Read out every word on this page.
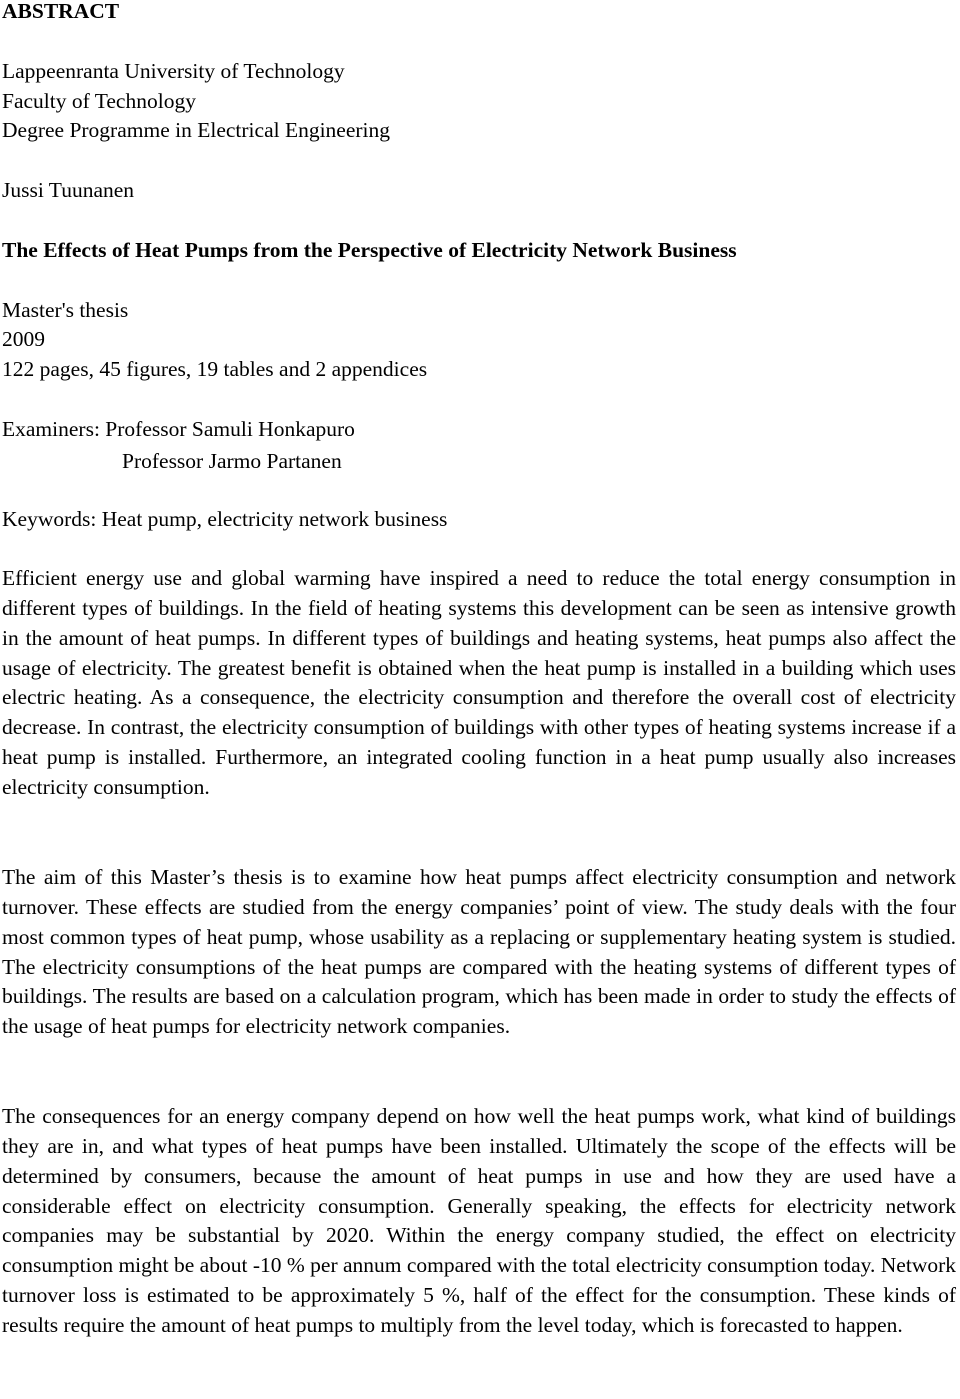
ABSTRACT
Lappeenranta University of Technology
Faculty of Technology
Degree Programme in Electrical Engineering
Jussi Tuunanen
The Effects of Heat Pumps from the Perspective of Electricity Network Business
Master's thesis
2009
122 pages, 45 figures, 19 tables and 2 appendices
Examiners: Professor Samuli Honkapuro
Professor Jarmo Partanen
Keywords: Heat pump, electricity network business

Efficient energy use and global warming have inspired a need to reduce the total energy consumption in different types of buildings. In the field of heating systems this development can be seen as intensive growth in the amount of heat pumps. In different types of buildings and heating systems, heat pumps also affect the usage of electricity. The greatest benefit is obtained when the heat pump is installed in a building which uses electric heating. As a consequence, the electricity consumption and therefore the overall cost of electricity decrease. In contrast, the electricity consumption of buildings with other types of heating systems increase if a heat pump is installed. Furthermore, an integrated cooling function in a heat pump usually also increases electricity consumption.

The aim of this Master’s thesis is to examine how heat pumps affect electricity consumption and network turnover. These effects are studied from the energy companies’ point of view. The study deals with the four most common types of heat pump, whose usability as a replacing or supplementary heating system is studied. The electricity consumptions of the heat pumps are compared with the heating systems of different types of buildings. The results are based on a calculation program, which has been made in order to study the effects of the usage of heat pumps for electricity network companies.

The consequences for an energy company depend on how well the heat pumps work, what kind of buildings they are in, and what types of heat pumps have been installed. Ultimately the scope of the effects will be determined by consumers, because the amount of heat pumps in use and how they are used have a considerable effect on electricity consumption. Generally speaking, the effects for electricity network companies may be substantial by 2020. Within the energy company studied, the effect on electricity consumption might be about -10 % per annum compared with the total electricity consumption today. Network turnover loss is estimated to be approximately 5 %, half of the effect for the consumption. These kinds of results require the amount of heat pumps to multiply from the level today, which is forecasted to happen.
